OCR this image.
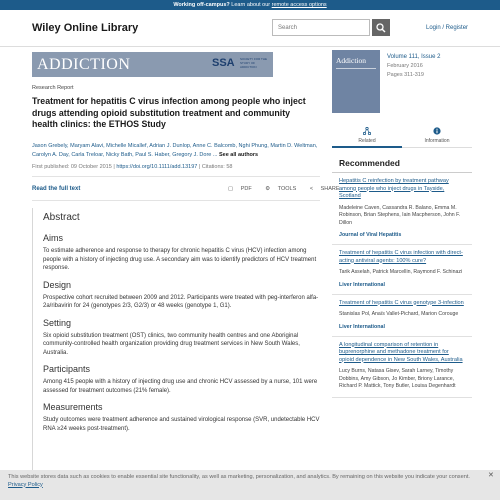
Working off-campus? Learn about our remote access options
Wiley Online Library	Search	Login / Register
ADDICTION	SSA SOCIETY FOR THE STUDY OF ADDICTION
Research Report
Treatment for hepatitis C virus infection among people who inject drugs attending opioid substitution treatment and community health clinics: the ETHOS Study
Jason Grebely, Maryam Alavi, Michelle Micallef, Adrian J. Dunlop, Anne C. Balcomb, Nghi Phung, Martin D. Weltman, Carolyn A. Day, Carla Treloar, Nicky Bath, Paul S. Haber, Gregory J. Dore ... See all authors
First published: 09 October 2015 | https://doi.org/10.1111/add.13197 | Citations: 58
Read the full text	▢ PDF ⚙ TOOLS < SHARE
Abstract
Aims
To estimate adherence and response to therapy for chronic hepatitis C virus (HCV) infection among people with a history of injecting drug use. A secondary aim was to identify predictors of HCV treatment response.
Design
Prospective cohort recruited between 2009 and 2012. Participants were treated with peg-interferon alfa-2a/ribavirin for 24 (genotypes 2/3, G2/3) or 48 weeks (genotype 1, G1).
Setting
Six opioid substitution treatment (OST) clinics, two community health centres and one Aboriginal community-controlled health organization providing drug treatment services in New South Wales, Australia.
Participants
Among 415 people with a history of injecting drug use and chronic HCV assessed by a nurse, 101 were assessed for treatment outcomes (21% female).
Measurements
Study outcomes were treatment adherence and sustained virological response (SVR, undetectable HCV RNA ≥24 weeks post-treatment).
Addiction	Volume 111, Issue 2
February 2016
Pages 311-319
Related	Information
Recommended
Hepatitis C reinfection by treatment pathway among people who inject drugs in Tayside, Scotland
Madeleine Caven, Cassandra R. Balano, Emma M. Robinson, Brian Stephens, Iain Macpherson, John F. Dillon
Journal of Viral Hepatitis
Treatment of hepatitis C virus infection with direct-acting antiviral agents: 100% cure?
Tarik Asselah, Patrick Marcellin, Raymond F. Schinazi
Liver International
Treatment of hepatitis C virus genotype 3-infection
Stanislas Pol, Anaïs Vallet-Pichard, Marion Corouge
Liver International
A longitudinal comparison of retention in buprenorphine and methadone treatment for opioid dependence in New South Wales, Australia
Lucy Burns, Natasa Gisev, Sarah Larney, Timothy Dobbins, Amy Gibson, Jo Kimber, Briony Larance, Richard P. Mattick, Tony Butler, Louisa Degenhardt
This website stores data such as cookies to enable essential site functionality, as well as marketing, personalization, and analytics. By remaining on this website you indicate your consent. Privacy Policy
✕
